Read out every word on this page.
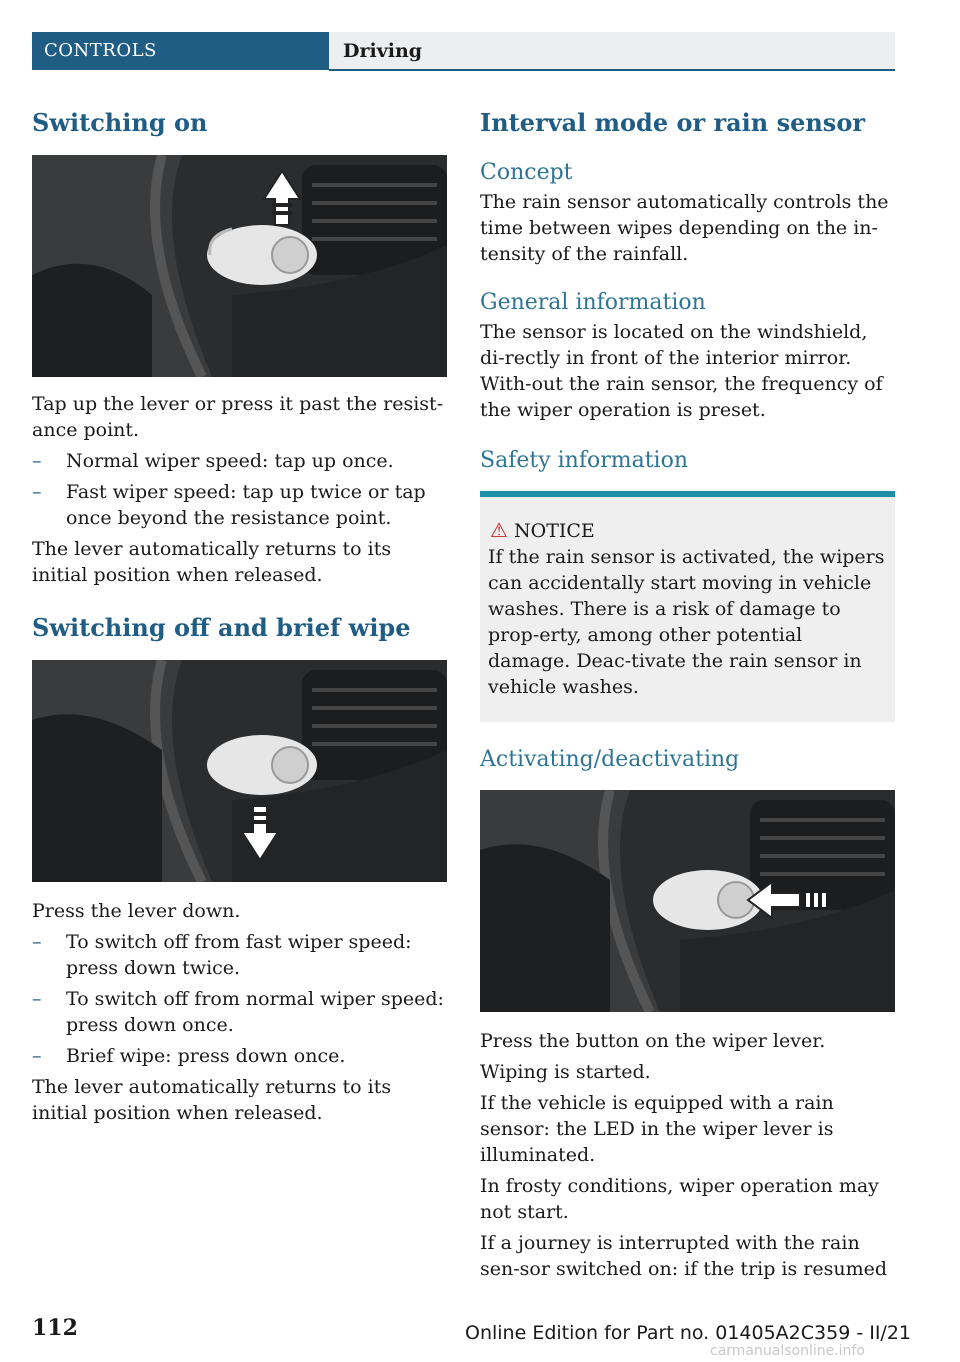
CONTROLS	Driving
Switching on

Tap up the lever or press it past the resist‐ance point.

– Normal wiper speed: tap up once.
– Fast wiper speed: tap up twice or tap once beyond the resistance point.

The lever automatically returns to its initial position when released.

Switching off and brief wipe

Press the lever down.

– To switch off from fast wiper speed: press down twice.
– To switch off from normal wiper speed: press down once.
– Brief wipe: press down once.

The lever automatically returns to its initial position when released.

Interval mode or rain sensor
Concept

The rain sensor automatically controls the time between wipes depending on the in‐tensity of the rainfall.

General information

The sensor is located on the windshield, di‐rectly in front of the interior mirror. With‐out the rain sensor, the frequency of the wiper operation is preset.

Safety information
⚠ NOTICE

If the rain sensor is activated, the wipers can accidentally start moving in vehicle washes. There is a risk of damage to prop‐erty, among other potential damage. Deac‐tivate the rain sensor in vehicle washes.

Activating/deactivating

Press the button on the wiper lever.

Wiping is started.

If the vehicle is equipped with a rain sensor: the LED in the wiper lever is illuminated.

In frosty conditions, wiper operation may not start.

If a journey is interrupted with the rain sen‐sor switched on: if the trip is resumed

112	Online Edition for Part no. 01405A2C359 - II/21
carmanualsonline.info
